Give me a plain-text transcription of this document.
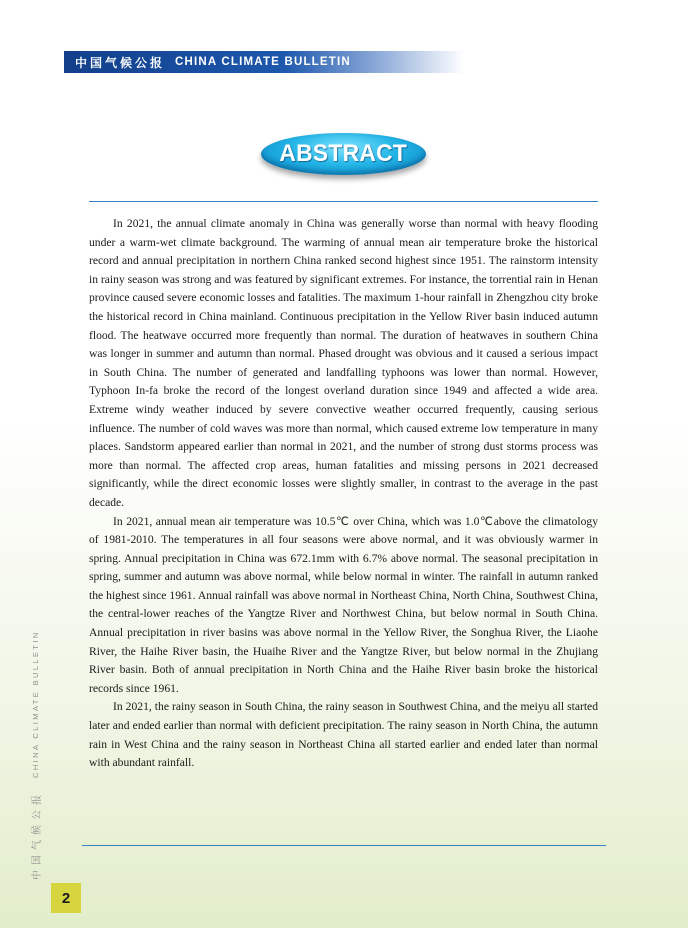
中国气候公报 CHINA CLIMATE BULLETIN
ABSTRACT

In 2021, the annual climate anomaly in China was generally worse than normal with heavy flooding under a warm-wet climate background. The warming of annual mean air temperature broke the historical record and annual precipitation in northern China ranked second highest since 1951. The rainstorm intensity in rainy season was strong and was featured by significant extremes. For instance, the torrential rain in Henan province caused severe economic losses and fatalities. The maximum 1-hour rainfall in Zhengzhou city broke the historical record in China mainland. Continuous precipitation in the Yellow River basin induced autumn flood. The heatwave occurred more frequently than normal. The duration of heatwaves in southern China was longer in summer and autumn than normal. Phased drought was obvious and it caused a serious impact in South China. The number of generated and landfalling typhoons was lower than normal. However, Typhoon In-fa broke the record of the longest overland duration since 1949 and affected a wide area. Extreme windy weather induced by severe convective weather occurred frequently, causing serious influence. The number of cold waves was more than normal, which caused extreme low temperature in many places. Sandstorm appeared earlier than normal in 2021, and the number of strong dust storms process was more than normal. The affected crop areas, human fatalities and missing persons in 2021 decreased significantly, while the direct economic losses were slightly smaller, in contrast to the average in the past decade.

In 2021, annual mean air temperature was 10.5℃ over China, which was 1.0℃above the climatology of 1981-2010. The temperatures in all four seasons were above normal, and it was obviously warmer in spring. Annual precipitation in China was 672.1mm with 6.7% above normal. The seasonal precipitation in spring, summer and autumn was above normal, while below normal in winter. The rainfall in autumn ranked the highest since 1961. Annual rainfall was above normal in Northeast China, North China, Southwest China, the central-lower reaches of the Yangtze River and Northwest China, but below normal in South China. Annual precipitation in river basins was above normal in the Yellow River, the Songhua River, the Liaohe River, the Haihe River basin, the Huaihe River and the Yangtze River, but below normal in the Zhujiang River basin. Both of annual precipitation in North China and the Haihe River basin broke the historical records since 1961.

In 2021, the rainy season in South China, the rainy season in Southwest China, and the meiyu all started later and ended earlier than normal with deficient precipitation. The rainy season in North China, the autumn rain in West China and the rainy season in Northeast China all started earlier and ended later than normal with abundant rainfall.

中国气候公报
CHINA CLIMATE BULLETIN
2
